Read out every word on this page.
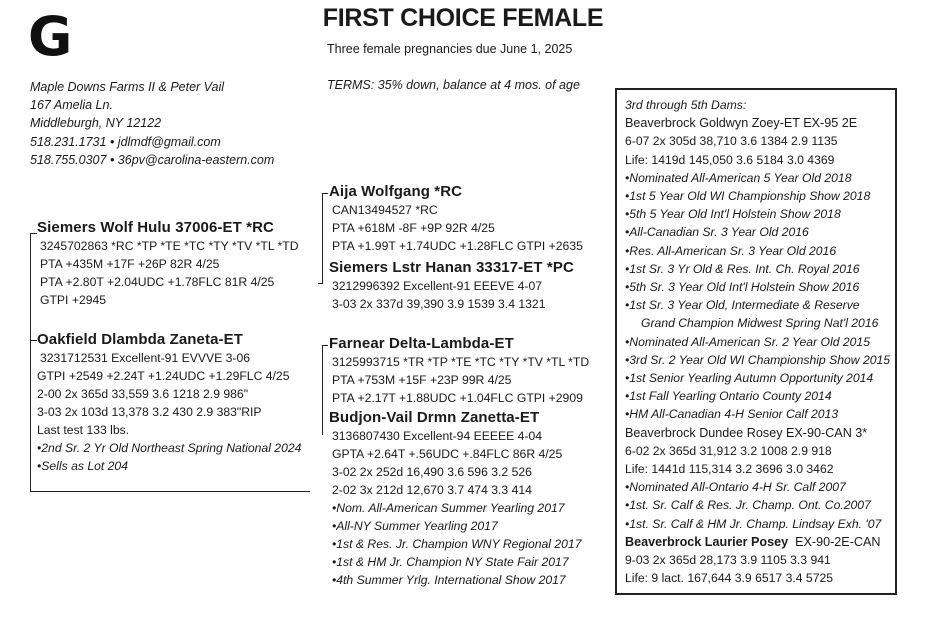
G	FIRST CHOICE FEMALE
Three female pregnancies due June 1, 2025
Maple Downs Farms II & Peter Vail
167 Amelia Ln.
Middleburgh, NY 12122
518.231.1731 • jdlmdf@gmail.com
518.755.0307 • 36pv@carolina-eastern.com
TERMS: 35% down, balance at 4 mos. of age
Siemers Wolf Hulu 37006-ET *RC
3245702863 *RC *TP *TE *TC *TY *TV *TL *TD
PTA +435M +17F +26P 82R 4/25
PTA +2.80T +2.04UDC +1.78FLC 81R 4/25
GTPI +2945
Oakfield Dlambda Zaneta-ET
3231712531 Excellent-91 EVVVE 3-06
GTPI +2549 +2.24T +1.24UDC +1.29FLC 4/25
2-00 2x 365d 33,559 3.6 1218 2.9 986"
3-03 2x 103d 13,378 3.2 430 2.9 383"RIP
Last test 133 lbs.
•2nd Sr. 2 Yr Old Northeast Spring National 2024
•Sells as Lot 204
Aija Wolfgang *RC
CAN13494527 *RC
PTA +618M -8F +9P 92R 4/25
PTA +1.99T +1.74UDC +1.28FLC GTPI +2635
Siemers Lstr Hanan 33317-ET *PC
3212996392 Excellent-91 EEEVE 4-07
3-03 2x 337d 39,390 3.9 1539 3.4 1321
Farnear Delta-Lambda-ET
3125993715 *TR *TP *TE *TC *TY *TV *TL *TD
PTA +753M +15F +23P 99R 4/25
PTA +2.17T +1.88UDC +1.04FLC GTPI +2909
Budjon-Vail Drmn Zanetta-ET
3136807430 Excellent-94 EEEEE 4-04
GPTA +2.64T +.56UDC +.84FLC 86R 4/25
3-02 2x 252d 16,490 3.6 596 3.2 526
2-02 3x 212d 12,670 3.7 474 3.3 414
•Nom. All-American Summer Yearling 2017
•All-NY Summer Yearling 2017
•1st & Res. Jr. Champion WNY Regional 2017
•1st & HM Jr. Champion NY State Fair 2017
•4th Summer Yrlg. International Show 2017
3rd through 5th Dams:
Beaverbrock Goldwyn Zoey-ET EX-95 2E
6-07 2x 305d 38,710 3.6 1384 2.9 1135
Life: 1419d 145,050 3.6 5184 3.0 4369
•Nominated All-American 5 Year Old 2018
•1st 5 Year Old WI Championship Show 2018
•5th 5 Year Old Int'l Holstein Show 2018
•All-Canadian Sr. 3 Year Old 2016
•Res. All-American Sr. 3 Year Old 2016
•1st Sr. 3 Yr Old & Res. Int. Ch. Royal 2016
•5th Sr. 3 Year Old Int'l Holstein Show 2016
•1st Sr. 3 Year Old, Intermediate & Reserve
Grand Champion Midwest Spring Nat'l 2016
•Nominated All-American Sr. 2 Year Old 2015
•3rd Sr. 2 Year Old WI Championship Show 2015
•1st Senior Yearling Autumn Opportunity 2014
•1st Fall Yearling Ontario County 2014
•HM All-Canadian 4-H Senior Calf 2013
Beaverbrock Dundee Rosey EX-90-CAN 3*
6-02 2x 365d 31,912 3.2 1008 2.9 918
Life: 1441d 115,314 3.2 3696 3.0 3462
•Nominated All-Ontario 4-H Sr. Calf 2007
•1st. Sr. Calf & Res. Jr. Champ. Ont. Co.2007
•1st. Sr. Calf & HM Jr. Champ. Lindsay Exh. '07
Beaverbrock Laurier Posey  EX-90-2E-CAN
9-03 2x 365d 28,173 3.9 1105 3.3 941
Life: 9 lact. 167,644 3.9 6517 3.4 5725
